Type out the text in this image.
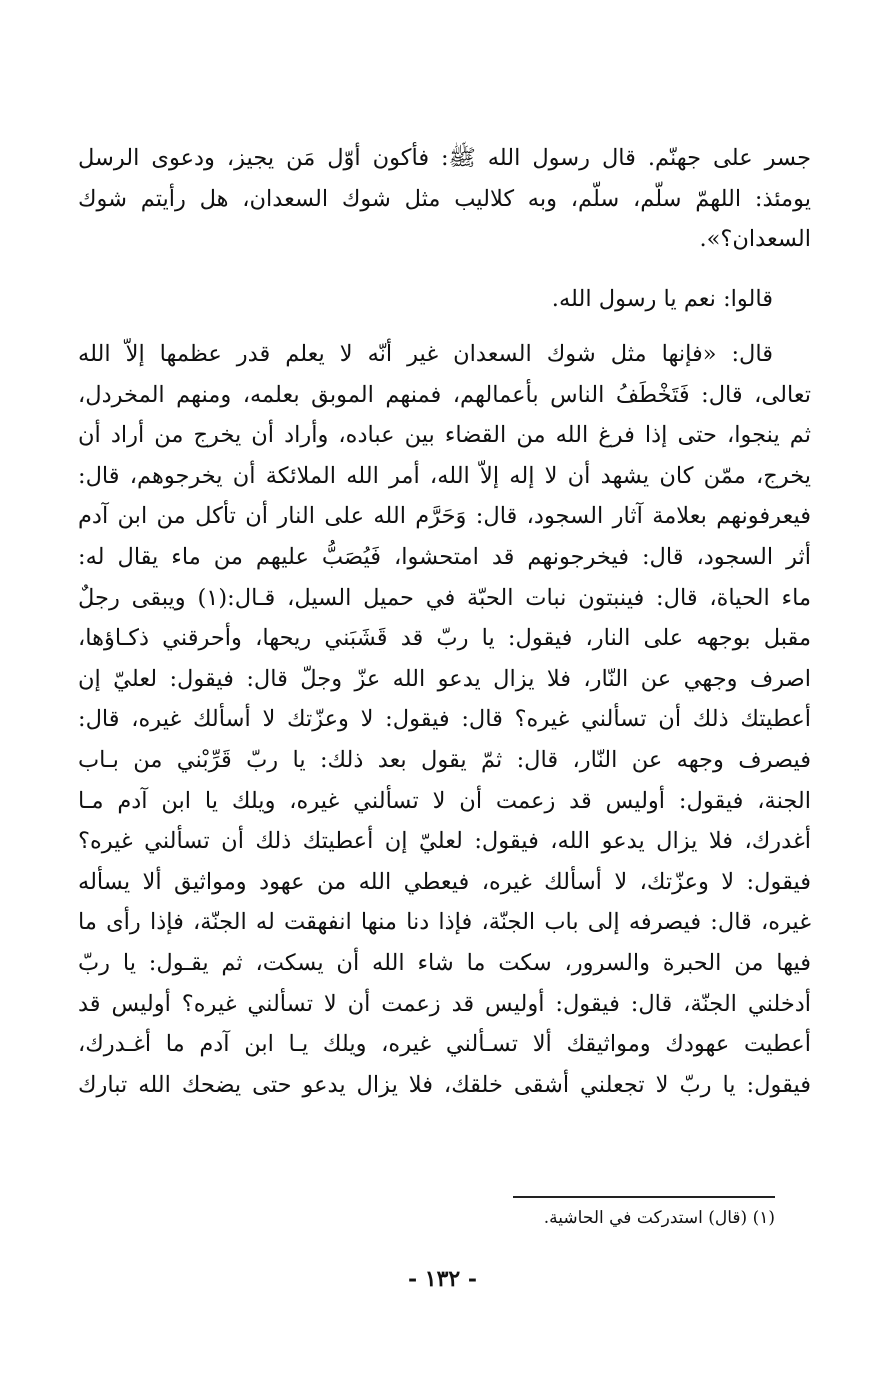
جسر على جهنّم. قال رسول الله ﷺ: فأكون أوّل مَن يجيز، ودعوى الرسل
يومئذ: اللهمّ سلّم، سلّم، وبه كلاليب مثل شوك السعدان، هل رأيتم شوك
السعدان؟».
قالوا: نعم يا رسول الله.
قال: «فإنها مثل شوك السعدان غير أنّه لا يعلم قدر عظمها إلاّ الله
تعالى، قال: فَتَخْطَفُ الناس بأعمالهم، فمنهم الموبق بعلمه، ومنهم المخردل،
ثم ينجوا، حتى إذا فرغ الله من القضاء بين عباده، وأراد أن يخرج من أراد أن
يخرج، ممّن كان يشهد أن لا إله إلاّ الله، أمر الله الملائكة أن يخرجوهم، قال:
فيعرفونهم بعلامة آثار السجود، قال: وَحَرَّم الله على النار أن تأكل من ابن آدم
أثر السجود، قال: فيخرجونهم قد امتحشوا، فَيُصَبُّ عليهم من ماء يقال له:
ماء الحياة، قال: فينبتون نبات الحبّة في حميل السيل، قـال:(١) ويبقى رجلٌ
مقبل بوجهه على النار، فيقول: يا ربّ قد قَشَبَني ريحها، وأحرقني ذكـاؤها،
اصرف وجهي عن النّار، فلا يزال يدعو الله عزّ وجلّ قال: فيقول: لعليّ إن
أعطيتك ذلك أن تسألني غيره؟ قال: فيقول: لا وعزّتك لا أسألك غيره، قال:
فيصرف وجهه عن النّار، قال: ثمّ يقول بعد ذلك: يا ربّ قَرِّبْني من بـاب
الجنة، فيقول: أوليس قد زعمت أن لا تسألني غيره، ويلك يا ابن آدم مـا
أغدرك، فلا يزال يدعو الله، فيقول: لعليّ إن أعطيتك ذلك أن تسألني غيره؟
فيقول: لا وعزّتك، لا أسألك غيره، فيعطي الله من عهود ومواثيق ألا يسأله
غيره، قال: فيصرفه إلى باب الجنّة، فإذا دنا منها انفهقت له الجنّة، فإذا رأى ما
فيها من الحبرة والسرور، سكت ما شاء الله أن يسكت، ثم يقـول: يا ربّ
أدخلني الجنّة، قال: فيقول: أوليس قد زعمت أن لا تسألني غيره؟ أوليس قد
أعطيت عهودك ومواثيقك ألا تسـألني غيره، ويلك يـا ابن آدم ما أغـدرك،
فيقول: يا ربّ لا تجعلني أشقى خلقك، فلا يزال يدعو حتى يضحك الله تبارك
(١) (قال) استدركت في الحاشية.
- ١٣٢ -
